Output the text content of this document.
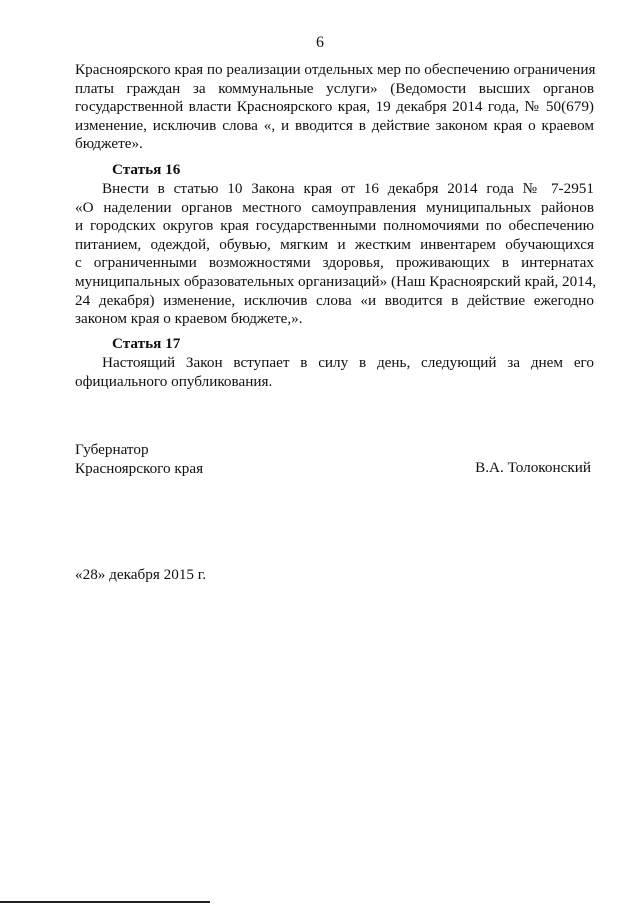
6
Красноярского края по реализации отдельных мер по обеспечению ограничения
платы граждан за коммунальные услуги» (Ведомости высших органов
государственной власти Красноярского края, 19 декабря 2014 года, № 50(679)
изменение, исключив слова «, и вводится в действие законом края о краевом
бюджете».
Статья 16
Внести в статью 10 Закона края от 16 декабря 2014 года № 7-2951
«О наделении органов местного самоуправления муниципальных районов
и городских округов края государственными полномочиями по обеспечению
питанием, одеждой, обувью, мягким и жестким инвентарем обучающихся
с ограниченными возможностями здоровья, проживающих в интернатах
муниципальных образовательных организаций» (Наш Красноярский край, 2014,
24 декабря) изменение, исключив слова «и вводится в действие ежегодно
законом края о краевом бюджете,».
Статья 17
Настоящий Закон вступает в силу в день, следующий за днем его
официального опубликования.
Губернатор
Красноярского края	В.А. Толоконский
«28» декабря 2015 г.
